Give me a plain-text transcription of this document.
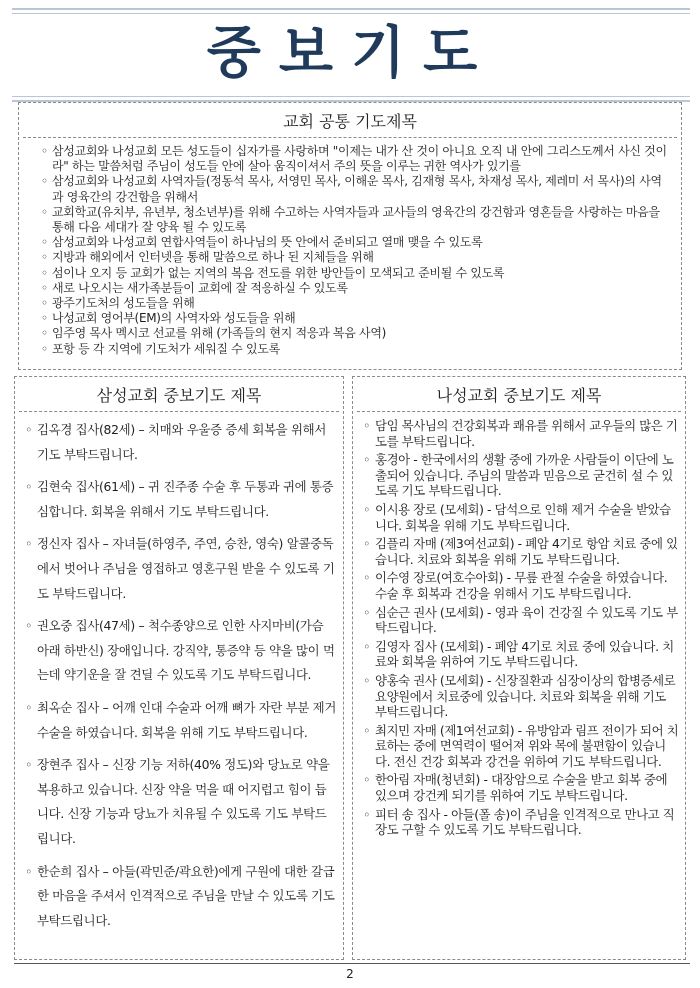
중보기도
교회 공통 기도제목
◦ 삼성교회와 나성교회 모든 성도들이 십자가를 사랑하며 "이제는 내가 산 것이 아니요 오직 내 안에 그리스도께서 사신 것이라" 하는 말씀처럼 주님이 성도들 안에 살아 움직이셔서 주의 뜻을 이루는 귀한 역사가 있기를
◦ 삼성교회와 나성교회 사역자들(정동석 목사, 서영민 목사, 이해운 목사, 김재형 목사, 차재성 목사, 제레미 서 목사)의 사역과 영육간의 강건함을 위해서
◦ 교회학교(유치부, 유년부, 청소년부)를 위해 수고하는 사역자들과 교사들의 영육간의 강건함과 영혼들을 사랑하는 마음을 통해 다음 세대가 잘 양육 될 수 있도록
◦ 삼성교회와 나성교회 연합사역들이 하나님의 뜻 안에서 준비되고 열매 맺을 수 있도록
◦ 지방과 해외에서 인터넷을 통해 말씀으로 하나 된 지체들을 위해
◦ 섬이나 오지 등 교회가 없는 지역의 복음 전도를 위한 방안들이 모색되고 준비될 수 있도록
◦ 새로 나오시는 새가족분들이 교회에 잘 적응하실 수 있도록
◦ 광주기도처의 성도들을 위해
◦ 나성교회 영어부(EM)의 사역자와 성도들을 위해
◦ 임주영 목사 멕시코 선교를 위해 (가족들의 현지 적응과 복음 사역)
◦ 포항 등 각 지역에 기도처가 세워질 수 있도록
삼성교회 중보기도 제목
◦ 김옥경 집사(82세) – 치매와 우울증 증세 회복을 위해서 기도 부탁드립니다.
◦ 김현숙 집사(61세) – 귀 진주종 수술 후 두통과 귀에 통증 심합니다. 회복을 위해서 기도 부탁드립니다.
◦ 정신자 집사 – 자녀들(하영주, 주연, 승찬, 영숙) 알콜중독에서 벗어나 주님을 영접하고 영혼구원 받을 수 있도록 기도 부탁드립니다.
◦ 권오중 집사(47세) – 척수종양으로 인한 사지마비(가슴 아래 하반신) 장애입니다. 강직약, 통증약 등 약을 많이 먹는데 약기운을 잘 견딜 수 있도록 기도 부탁드립니다.
◦ 최옥순 집사 – 어깨 인대 수술과 어깨 뼈가 자란 부분 제거 수술을 하였습니다. 회복을 위해 기도 부탁드립니다.
◦ 장현주 집사 – 신장 기능 저하(40% 정도)와 당뇨로 약을 복용하고 있습니다. 신장 약을 먹을 때 어지럽고 힘이 듭니다. 신장 기능과 당뇨가 치유될 수 있도록 기도 부탁드립니다.
◦ 한순희 집사 – 아들(곽민준/곽요한)에게 구원에 대한 갈급한 마음을 주셔서 인격적으로 주님을 만날 수 있도록 기도 부탁드립니다.
나성교회 중보기도 제목
◦ 담임 목사님의 건강회복과 쾌유를 위해서 교우들의 많은 기도를 부탁드립니다.
◦ 홍경아 - 한국에서의 생활 중에 가까운 사람들이 이단에 노출되어 있습니다. 주님의 말씀과 믿음으로 굳건히 설 수 있도록 기도 부탁드립니다.
◦ 이시용 장로 (모세회) - 담석으로 인해 제거 수술을 받았습니다. 회복을 위해 기도 부탁드립니다.
◦ 김플리 자매 (제3여선교회) - 폐암 4기로 항암 치료 중에 있습니다. 치료와 회복을 위해 기도 부탁드립니다.
◦ 이수영 장로(여호수아회) - 무릎 관절 수술을 하였습니다. 수술 후 회복과 건강을 위해서 기도 부탁드립니다.
◦ 심순근 권사 (모세회) - 영과 육이 건강질 수 있도록 기도 부탁드립니다.
◦ 김영자 집사 (모세회) - 폐암 4기로 치료 중에 있습니다. 치료와 회복을 위하여 기도 부탁드립니다.
◦ 양홍숙 권사 (모세회) - 신장질환과 심장이상의 합병증세로 요양원에서 치료중에 있습니다. 치료와 회복을 위해 기도 부탁드립니다.
◦ 최지민 자매 (제1여선교회) - 유방암과 림프 전이가 되어 치료하는 중에 면역력이 떨어져 위와 목에 불편함이 있습니다. 전신 건강 회복과 강건을 위하여 기도 부탁드립니다.
◦ 한아림 자매(청년회) - 대장암으로 수술을 받고 회복 중에 있으며 강건케 되기를 위하여 기도 부탁드립니다.
◦ 피터 송 집사 - 아들(폴 송)이 주님을 인격적으로 만나고 직장도 구할 수 있도록 기도 부탁드립니다.
2
